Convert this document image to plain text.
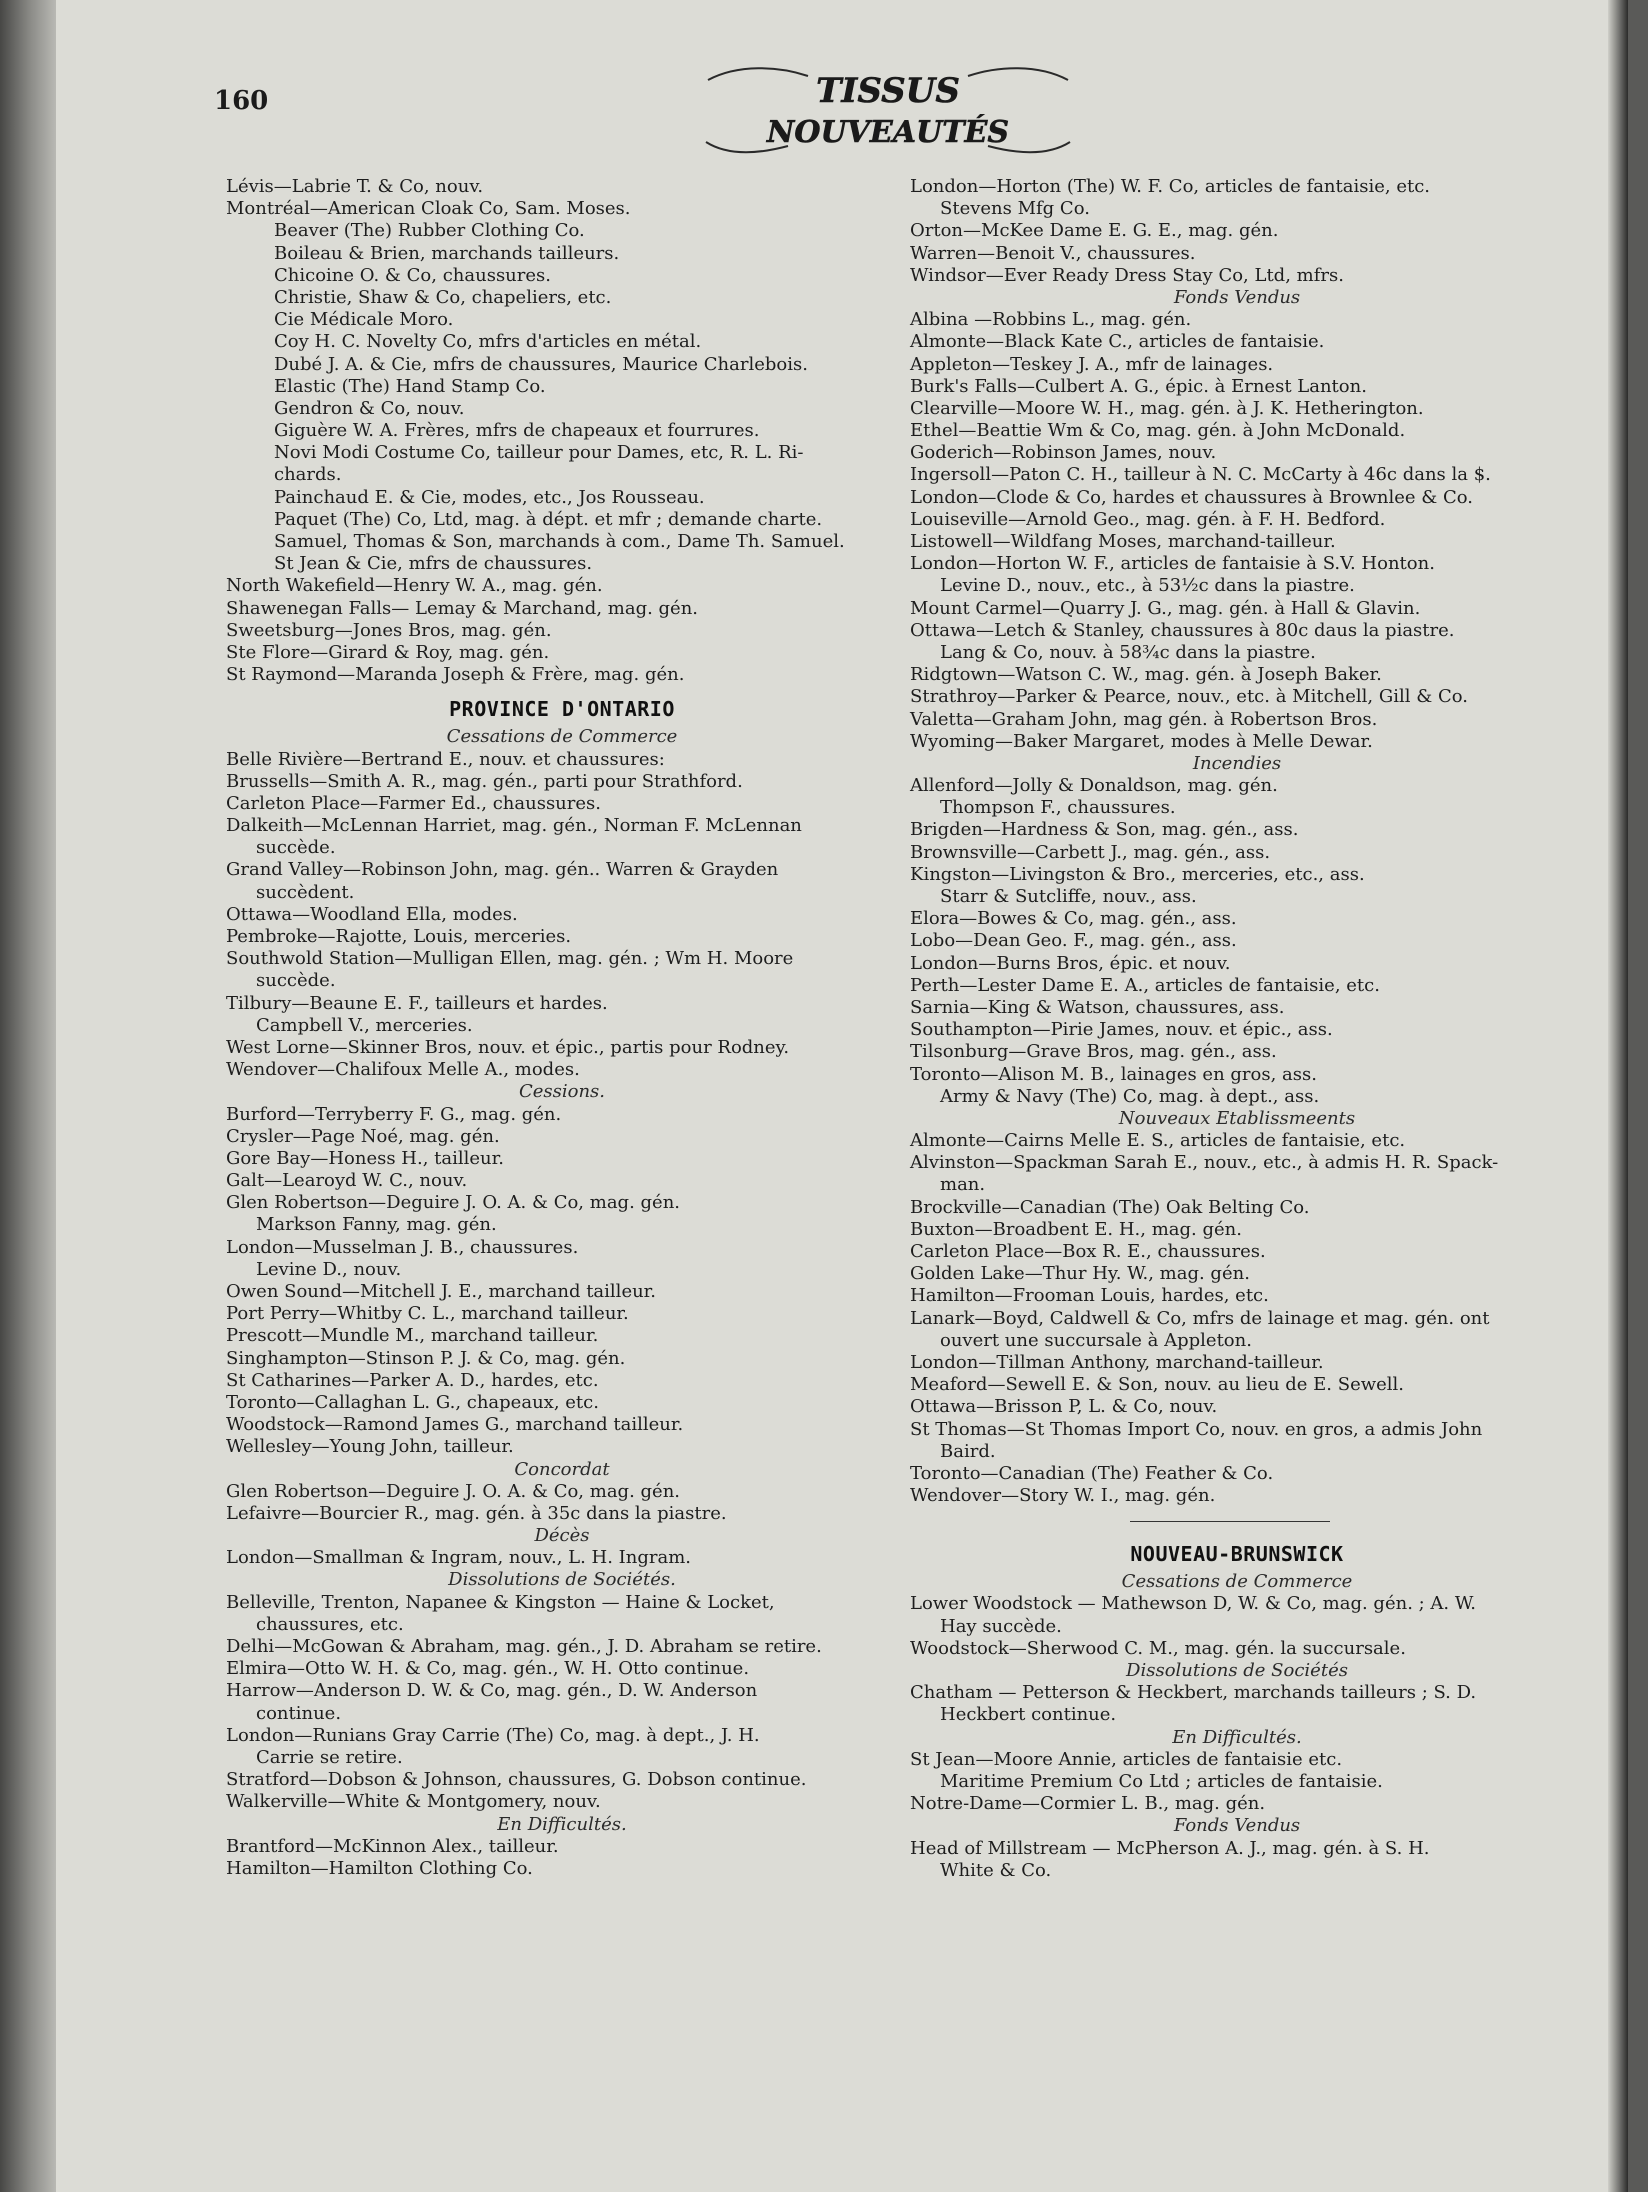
160	TISSUS
NOUVEAUTÉS
Lévis—Labrie T. & Co, nouv.
Montréal—American Cloak Co, Sam. Moses.
Beaver (The) Rubber Clothing Co.
Boileau & Brien, marchands tailleurs.
Chicoine O. & Co, chaussures.
Christie, Shaw & Co, chapeliers, etc.
Cie Médicale Moro.
Coy H. C. Novelty Co, mfrs d'articles en métal.
Dubé J. A. & Cie, mfrs de chaussures, Maurice Charlebois.
Elastic (The) Hand Stamp Co.
Gendron & Co, nouv.
Giguère W. A. Frères, mfrs de chapeaux et fourrures.
Novi Modi Costume Co, tailleur pour Dames, etc, R. L. Ri-
chards.
Painchaud E. & Cie, modes, etc., Jos Rousseau.
Paquet (The) Co, Ltd, mag. à dépt. et mfr ; demande charte.
Samuel, Thomas & Son, marchands à com., Dame Th. Samuel.
St Jean & Cie, mfrs de chaussures.
North Wakefield—Henry W. A., mag. gén.
Shawenegan Falls— Lemay & Marchand, mag. gén.
Sweetsburg—Jones Bros, mag. gén.
Ste Flore—Girard & Roy, mag. gén.
St Raymond—Maranda Joseph & Frère, mag. gén.
PROVINCE D'ONTARIO
Cessations de Commerce
Belle Rivière—Bertrand E., nouv. et chaussures:
Brussells—Smith A. R., mag. gén., parti pour Strathford.
Carleton Place—Farmer Ed., chaussures.
Dalkeith—McLennan Harriet, mag. gén., Norman F. McLennan
succède.
Grand Valley—Robinson John, mag. gén.. Warren & Grayden
succèdent.
Ottawa—Woodland Ella, modes.
Pembroke—Rajotte, Louis, merceries.
Southwold Station—Mulligan Ellen, mag. gén. ; Wm H. Moore
succède.
Tilbury—Beaune E. F., tailleurs et hardes.
Campbell V., merceries.
West Lorne—Skinner Bros, nouv. et épic., partis pour Rodney.
Wendover—Chalifoux Melle A., modes.
Cessions.
Burford—Terryberry F. G., mag. gén.
Crysler—Page Noé, mag. gén.
Gore Bay—Honess H., tailleur.
Galt—Learoyd W. C., nouv.
Glen Robertson—Deguire J. O. A. & Co, mag. gén.
Markson Fanny, mag. gén.
London—Musselman J. B., chaussures.
Levine D., nouv.
Owen Sound—Mitchell J. E., marchand tailleur.
Port Perry—Whitby C. L., marchand tailleur.
Prescott—Mundle M., marchand tailleur.
Singhampton—Stinson P. J. & Co, mag. gén.
St Catharines—Parker A. D., hardes, etc.
Toronto—Callaghan L. G., chapeaux, etc.
Woodstock—Ramond James G., marchand tailleur.
Wellesley—Young John, tailleur.
Concordat
Glen Robertson—Deguire J. O. A. & Co, mag. gén.
Lefaivre—Bourcier R., mag. gén. à 35c dans la piastre.
Décès
London—Smallman & Ingram, nouv., L. H. Ingram.
Dissolutions de Sociétés.
Belleville, Trenton, Napanee & Kingston — Haine & Locket,
chaussures, etc.
Delhi—McGowan & Abraham, mag. gén., J. D. Abraham se retire.
Elmira—Otto W. H. & Co, mag. gén., W. H. Otto continue.
Harrow—Anderson D. W. & Co, mag. gén., D. W. Anderson
continue.
London—Runians Gray Carrie (The) Co, mag. à dept., J. H.
Carrie se retire.
Stratford—Dobson & Johnson, chaussures, G. Dobson continue.
Walkerville—White & Montgomery, nouv.
En Difficultés.
Brantford—McKinnon Alex., tailleur.
Hamilton—Hamilton Clothing Co.
London—Horton (The) W. F. Co, articles de fantaisie, etc.
Stevens Mfg Co.
Orton—McKee Dame E. G. E., mag. gén.
Warren—Benoit V., chaussures.
Windsor—Ever Ready Dress Stay Co, Ltd, mfrs.
Fonds Vendus
Albina —Robbins L., mag. gén.
Almonte—Black Kate C., articles de fantaisie.
Appleton—Teskey J. A., mfr de lainages.
Burk's Falls—Culbert A. G., épic. à Ernest Lanton.
Clearville—Moore W. H., mag. gén. à J. K. Hetherington.
Ethel—Beattie Wm & Co, mag. gén. à John McDonald.
Goderich—Robinson James, nouv.
Ingersoll—Paton C. H., tailleur à N. C. McCarty à 46c dans la $.
London—Clode & Co, hardes et chaussures à Brownlee & Co.
Louiseville—Arnold Geo., mag. gén. à F. H. Bedford.
Listowell—Wildfang Moses, marchand-tailleur.
London—Horton W. F., articles de fantaisie à S.V. Honton.
Levine D., nouv., etc., à 53½c dans la piastre.
Mount Carmel—Quarry J. G., mag. gén. à Hall & Glavin.
Ottawa—Letch & Stanley, chaussures à 80c daus la piastre.
Lang & Co, nouv. à 58¾c dans la piastre.
Ridgtown—Watson C. W., mag. gén. à Joseph Baker.
Strathroy—Parker & Pearce, nouv., etc. à Mitchell, Gill & Co.
Valetta—Graham John, mag gén. à Robertson Bros.
Wyoming—Baker Margaret, modes à Melle Dewar.
Incendies
Allenford—Jolly & Donaldson, mag. gén.
Thompson F., chaussures.
Brigden—Hardness & Son, mag. gén., ass.
Brownsville—Carbett J., mag. gén., ass.
Kingston—Livingston & Bro., merceries, etc., ass.
Starr & Sutcliffe, nouv., ass.
Elora—Bowes & Co, mag. gén., ass.
Lobo—Dean Geo. F., mag. gén., ass.
London—Burns Bros, épic. et nouv.
Perth—Lester Dame E. A., articles de fantaisie, etc.
Sarnia—King & Watson, chaussures, ass.
Southampton—Pirie James, nouv. et épic., ass.
Tilsonburg—Grave Bros, mag. gén., ass.
Toronto—Alison M. B., lainages en gros, ass.
Army & Navy (The) Co, mag. à dept., ass.
Nouveaux Etablissmeents
Almonte—Cairns Melle E. S., articles de fantaisie, etc.
Alvinston—Spackman Sarah E., nouv., etc., à admis H. R. Spack-
man.
Brockville—Canadian (The) Oak Belting Co.
Buxton—Broadbent E. H., mag. gén.
Carleton Place—Box R. E., chaussures.
Golden Lake—Thur Hy. W., mag. gén.
Hamilton—Frooman Louis, hardes, etc.
Lanark—Boyd, Caldwell & Co, mfrs de lainage et mag. gén. ont
ouvert une succursale à Appleton.
London—Tillman Anthony, marchand-tailleur.
Meaford—Sewell E. & Son, nouv. au lieu de E. Sewell.
Ottawa—Brisson P, L. & Co, nouv.
St Thomas—St Thomas Import Co, nouv. en gros, a admis John
Baird.
Toronto—Canadian (The) Feather & Co.
Wendover—Story W. I., mag. gén.
NOUVEAU-BRUNSWICK
Cessations de Commerce
Lower Woodstock — Mathewson D, W. & Co, mag. gén. ; A. W.
Hay succède.
Woodstock—Sherwood C. M., mag. gén. la succursale.
Dissolutions de Sociétés
Chatham — Petterson & Heckbert, marchands tailleurs ; S. D.
Heckbert continue.
En Difficultés.
St Jean—Moore Annie, articles de fantaisie etc.
Maritime Premium Co Ltd ; articles de fantaisie.
Notre-Dame—Cormier L. B., mag. gén.
Fonds Vendus
Head of Millstream — McPherson A. J., mag. gén. à S. H.
White & Co.
